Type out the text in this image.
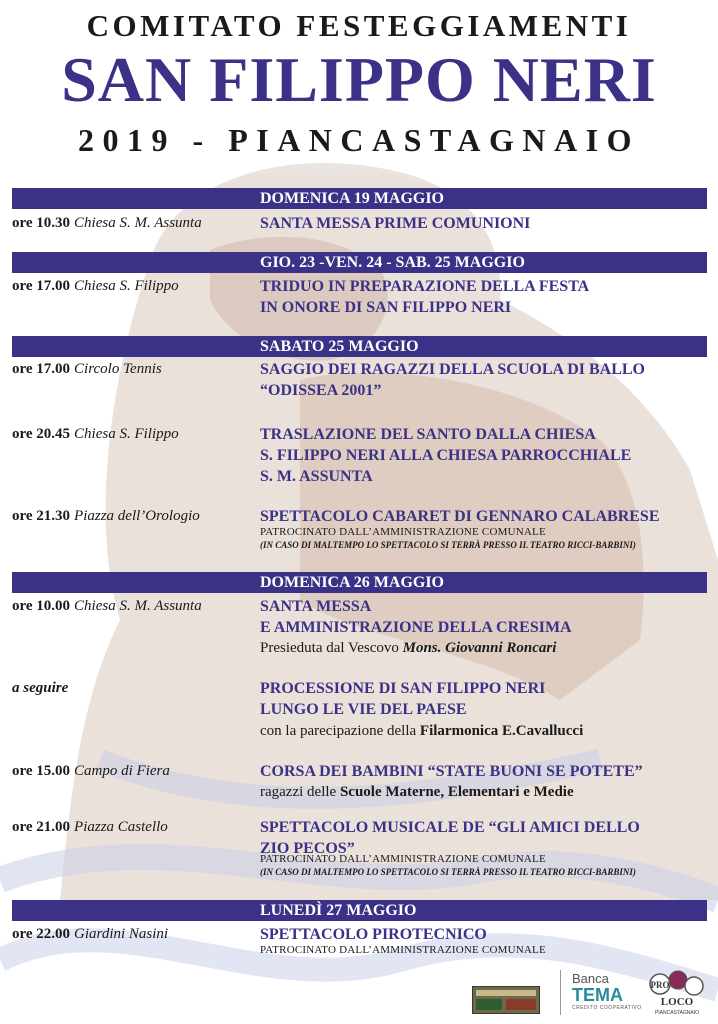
COMITATO FESTEGGIAMENTI
SAN FILIPPO NERI
2019 - PIANCASTAGNAIO
DOMENICA 19 MAGGIO
ore 10.30 Chiesa S. M. Assunta	SANTA MESSA PRIME COMUNIONI
GIO. 23 -VEN. 24 - SAB. 25 MAGGIO
ore 17.00 Chiesa S. Filippo	TRIDUO IN PREPARAZIONE DELLA FESTA
IN ONORE DI SAN FILIPPO NERI
SABATO 25 MAGGIO
ore 17.00 Circolo Tennis	SAGGIO DEI RAGAZZI DELLA SCUOLA DI BALLO
“ODISSEA 2001”
ore 20.45 Chiesa S. Filippo	TRASLAZIONE DEL SANTO DALLA CHIESA
S. FILIPPO NERI ALLA CHIESA PARROCCHIALE
S. M. ASSUNTA
ore 21.30 Piazza dell’Orologio	SPETTACOLO CABARET DI GENNARO CALABRESE
PATROCINATO DALL’AMMINISTRAZIONE COMUNALE
(IN CASO DI MALTEMPO LO SPETTACOLO SI TERRÀ PRESSO IL TEATRO RICCI-BARBINI)
DOMENICA 26 MAGGIO
ore 10.00 Chiesa S. M. Assunta	SANTA MESSA
E AMMINISTRAZIONE DELLA CRESIMA
Presieduta dal Vescovo Mons. Giovanni Roncari
a seguire	PROCESSIONE DI SAN FILIPPO NERI
LUNGO LE VIE DEL PAESE
con la parecipazione della Filarmonica E.Cavallucci
ore 15.00 Campo di Fiera	CORSA DEI BAMBINI “STATE BUONI SE POTETE”
ragazzi delle Scuole Materne, Elementari e Medie
ore 21.00 Piazza Castello	SPETTACOLO MUSICALE DE “GLI AMICI DELLO
ZIO PECOS”
PATROCINATO DALL’AMMINISTRAZIONE COMUNALE
(IN CASO DI MALTEMPO LO SPETTACOLO SI TERRÀ PRESSO IL TEATRO RICCI-BARBINI)
LUNEDÌ 27 MAGGIO
ore 22.00 Giardini Nasini	SPETTACOLO PIROTECNICO
PATROCINATO DALL’AMMINISTRAZIONE COMUNALE
Banca
TEMA
CREDITO COOPERATIVO
PRO
LOCO
PIANCASTAGNAIO
